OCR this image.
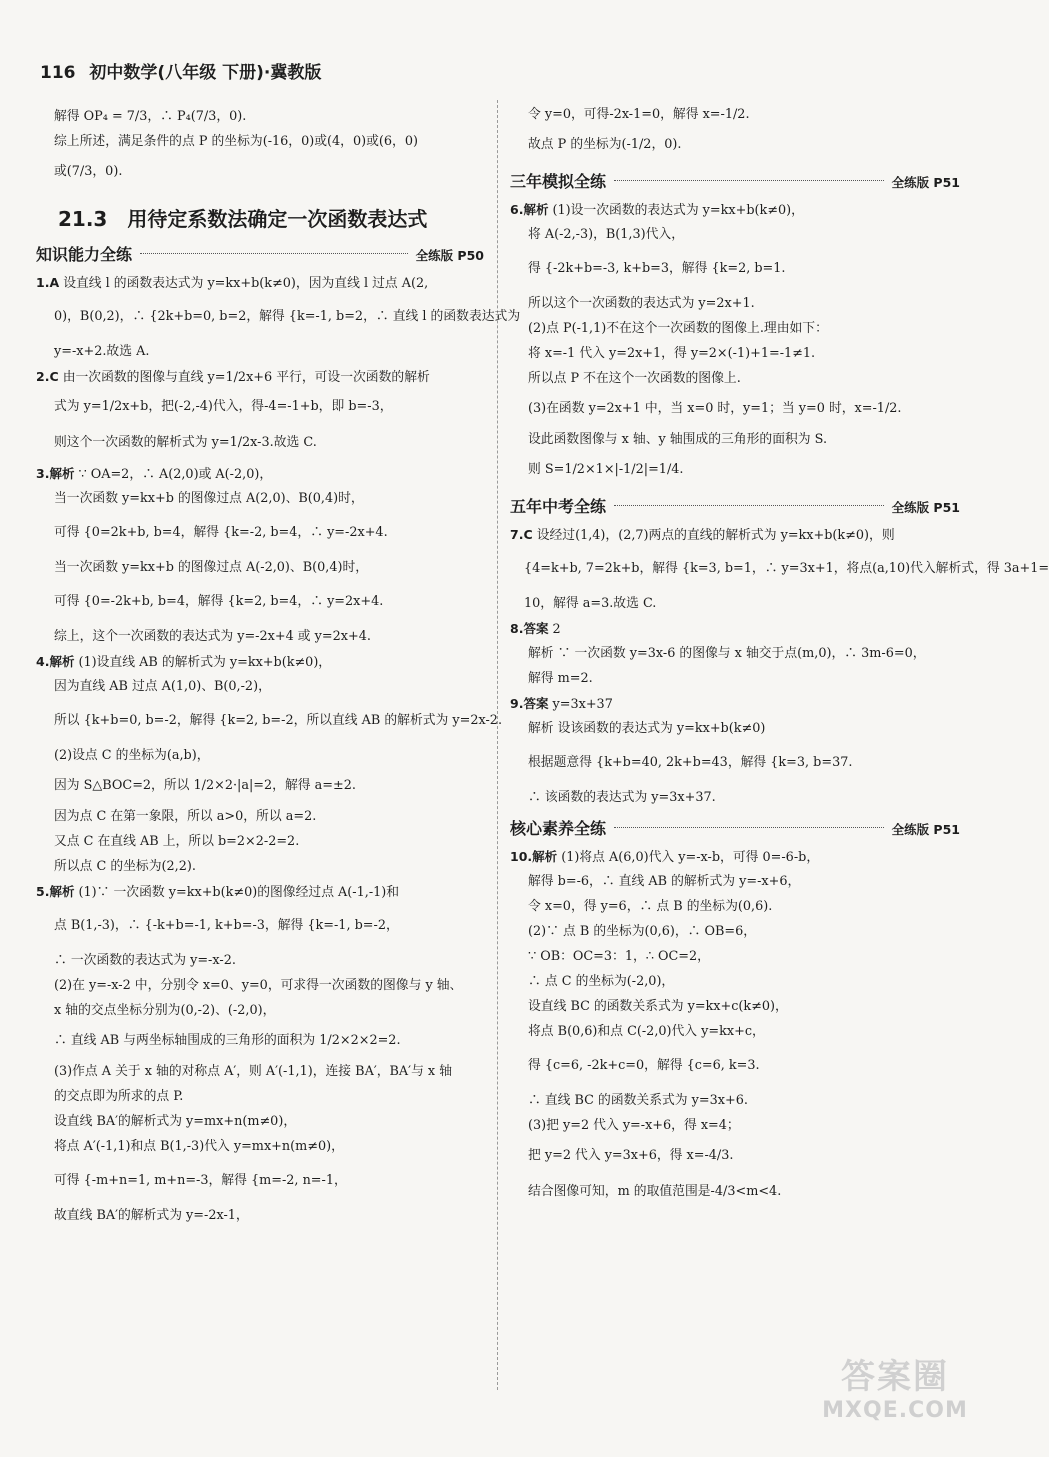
116 初中数学(八年级 下册)·冀教版
解得 OP₄ = 7/3，∴ P₄(7/3，0).
综上所述，满足条件的点 P 的坐标为(-16，0)或(4，0)或(6，0)
或(7/3，0).
21.3　用待定系数法确定一次函数表达式
知识能力全练	全练版 P50
1.A 设直线 l 的函数表达式为 y=kx+b(k≠0)，因为直线 l 过点 A(2,
0)，B(0,2)，∴ {2k+b=0, b=2，解得 {k=-1, b=2，∴ 直线 l 的函数表达式为
y=-x+2.故选 A.
2.C 由一次函数的图像与直线 y=1/2x+6 平行，可设一次函数的解析
式为 y=1/2x+b，把(-2,-4)代入，得-4=-1+b，即 b=-3，
则这个一次函数的解析式为 y=1/2x-3.故选 C.
3.解析 ∵ OA=2，∴ A(2,0)或 A(-2,0)，
当一次函数 y=kx+b 的图像过点 A(2,0)、B(0,4)时，
可得 {0=2k+b, b=4，解得 {k=-2, b=4，∴ y=-2x+4.
当一次函数 y=kx+b 的图像过点 A(-2,0)、B(0,4)时，
可得 {0=-2k+b, b=4，解得 {k=2, b=4，∴ y=2x+4.
综上，这个一次函数的表达式为 y=-2x+4 或 y=2x+4.
4.解析 (1)设直线 AB 的解析式为 y=kx+b(k≠0)，
因为直线 AB 过点 A(1,0)、B(0,-2)，
所以 {k+b=0, b=-2，解得 {k=2, b=-2，所以直线 AB 的解析式为 y=2x-2.
(2)设点 C 的坐标为(a,b)，
因为 S△BOC=2，所以 1/2×2·|a|=2，解得 a=±2.
因为点 C 在第一象限，所以 a>0，所以 a=2.
又点 C 在直线 AB 上，所以 b=2×2-2=2.
所以点 C 的坐标为(2,2).
5.解析 (1)∵ 一次函数 y=kx+b(k≠0)的图像经过点 A(-1,-1)和
点 B(1,-3)，∴ {-k+b=-1, k+b=-3，解得 {k=-1, b=-2，
∴ 一次函数的表达式为 y=-x-2.
(2)在 y=-x-2 中，分别令 x=0、y=0，可求得一次函数的图像与 y 轴、
x 轴的交点坐标分别为(0,-2)、(-2,0)，
∴ 直线 AB 与两坐标轴围成的三角形的面积为 1/2×2×2=2.
(3)作点 A 关于 x 轴的对称点 A′，则 A′(-1,1)，连接 BA′，BA′与 x 轴
的交点即为所求的点 P.
设直线 BA′的解析式为 y=mx+n(m≠0)，
将点 A′(-1,1)和点 B(1,-3)代入 y=mx+n(m≠0)，
可得 {-m+n=1, m+n=-3，解得 {m=-2, n=-1，
故直线 BA′的解析式为 y=-2x-1，
令 y=0，可得-2x-1=0，解得 x=-1/2.
故点 P 的坐标为(-1/2，0).
三年模拟全练	全练版 P51
6.解析 (1)设一次函数的表达式为 y=kx+b(k≠0)，
将 A(-2,-3)，B(1,3)代入，
得 {-2k+b=-3, k+b=3，解得 {k=2, b=1.
所以这个一次函数的表达式为 y=2x+1.
(2)点 P(-1,1)不在这个一次函数的图像上.理由如下：
将 x=-1 代入 y=2x+1，得 y=2×(-1)+1=-1≠1.
所以点 P 不在这个一次函数的图像上.
(3)在函数 y=2x+1 中，当 x=0 时，y=1；当 y=0 时，x=-1/2.
设此函数图像与 x 轴、y 轴围成的三角形的面积为 S.
则 S=1/2×1×|-1/2|=1/4.
五年中考全练	全练版 P51
7.C 设经过(1,4)，(2,7)两点的直线的解析式为 y=kx+b(k≠0)，则
{4=k+b, 7=2k+b，解得 {k=3, b=1，∴ y=3x+1，将点(a,10)代入解析式，得 3a+1=
10，解得 a=3.故选 C.
8.答案 2
解析 ∵ 一次函数 y=3x-6 的图像与 x 轴交于点(m,0)，∴ 3m-6=0，
解得 m=2.
9.答案 y=3x+37
解析 设该函数的表达式为 y=kx+b(k≠0)
根据题意得 {k+b=40, 2k+b=43，解得 {k=3, b=37.
∴ 该函数的表达式为 y=3x+37.
核心素养全练	全练版 P51
10.解析 (1)将点 A(6,0)代入 y=-x-b，可得 0=-6-b，
解得 b=-6，∴ 直线 AB 的解析式为 y=-x+6，
令 x=0，得 y=6，∴ 点 B 的坐标为(0,6).
(2)∵ 点 B 的坐标为(0,6)，∴ OB=6，
∵ OB：OC=3：1，∴ OC=2，
∴ 点 C 的坐标为(-2,0)，
设直线 BC 的函数关系式为 y=kx+c(k≠0)，
将点 B(0,6)和点 C(-2,0)代入 y=kx+c，
得 {c=6, -2k+c=0，解得 {c=6, k=3.
∴ 直线 BC 的函数关系式为 y=3x+6.
(3)把 y=2 代入 y=-x+6，得 x=4；
把 y=2 代入 y=3x+6，得 x=-4/3.
结合图像可知，m 的取值范围是-4/3<m<4.
答案圈
MXQE.COM
